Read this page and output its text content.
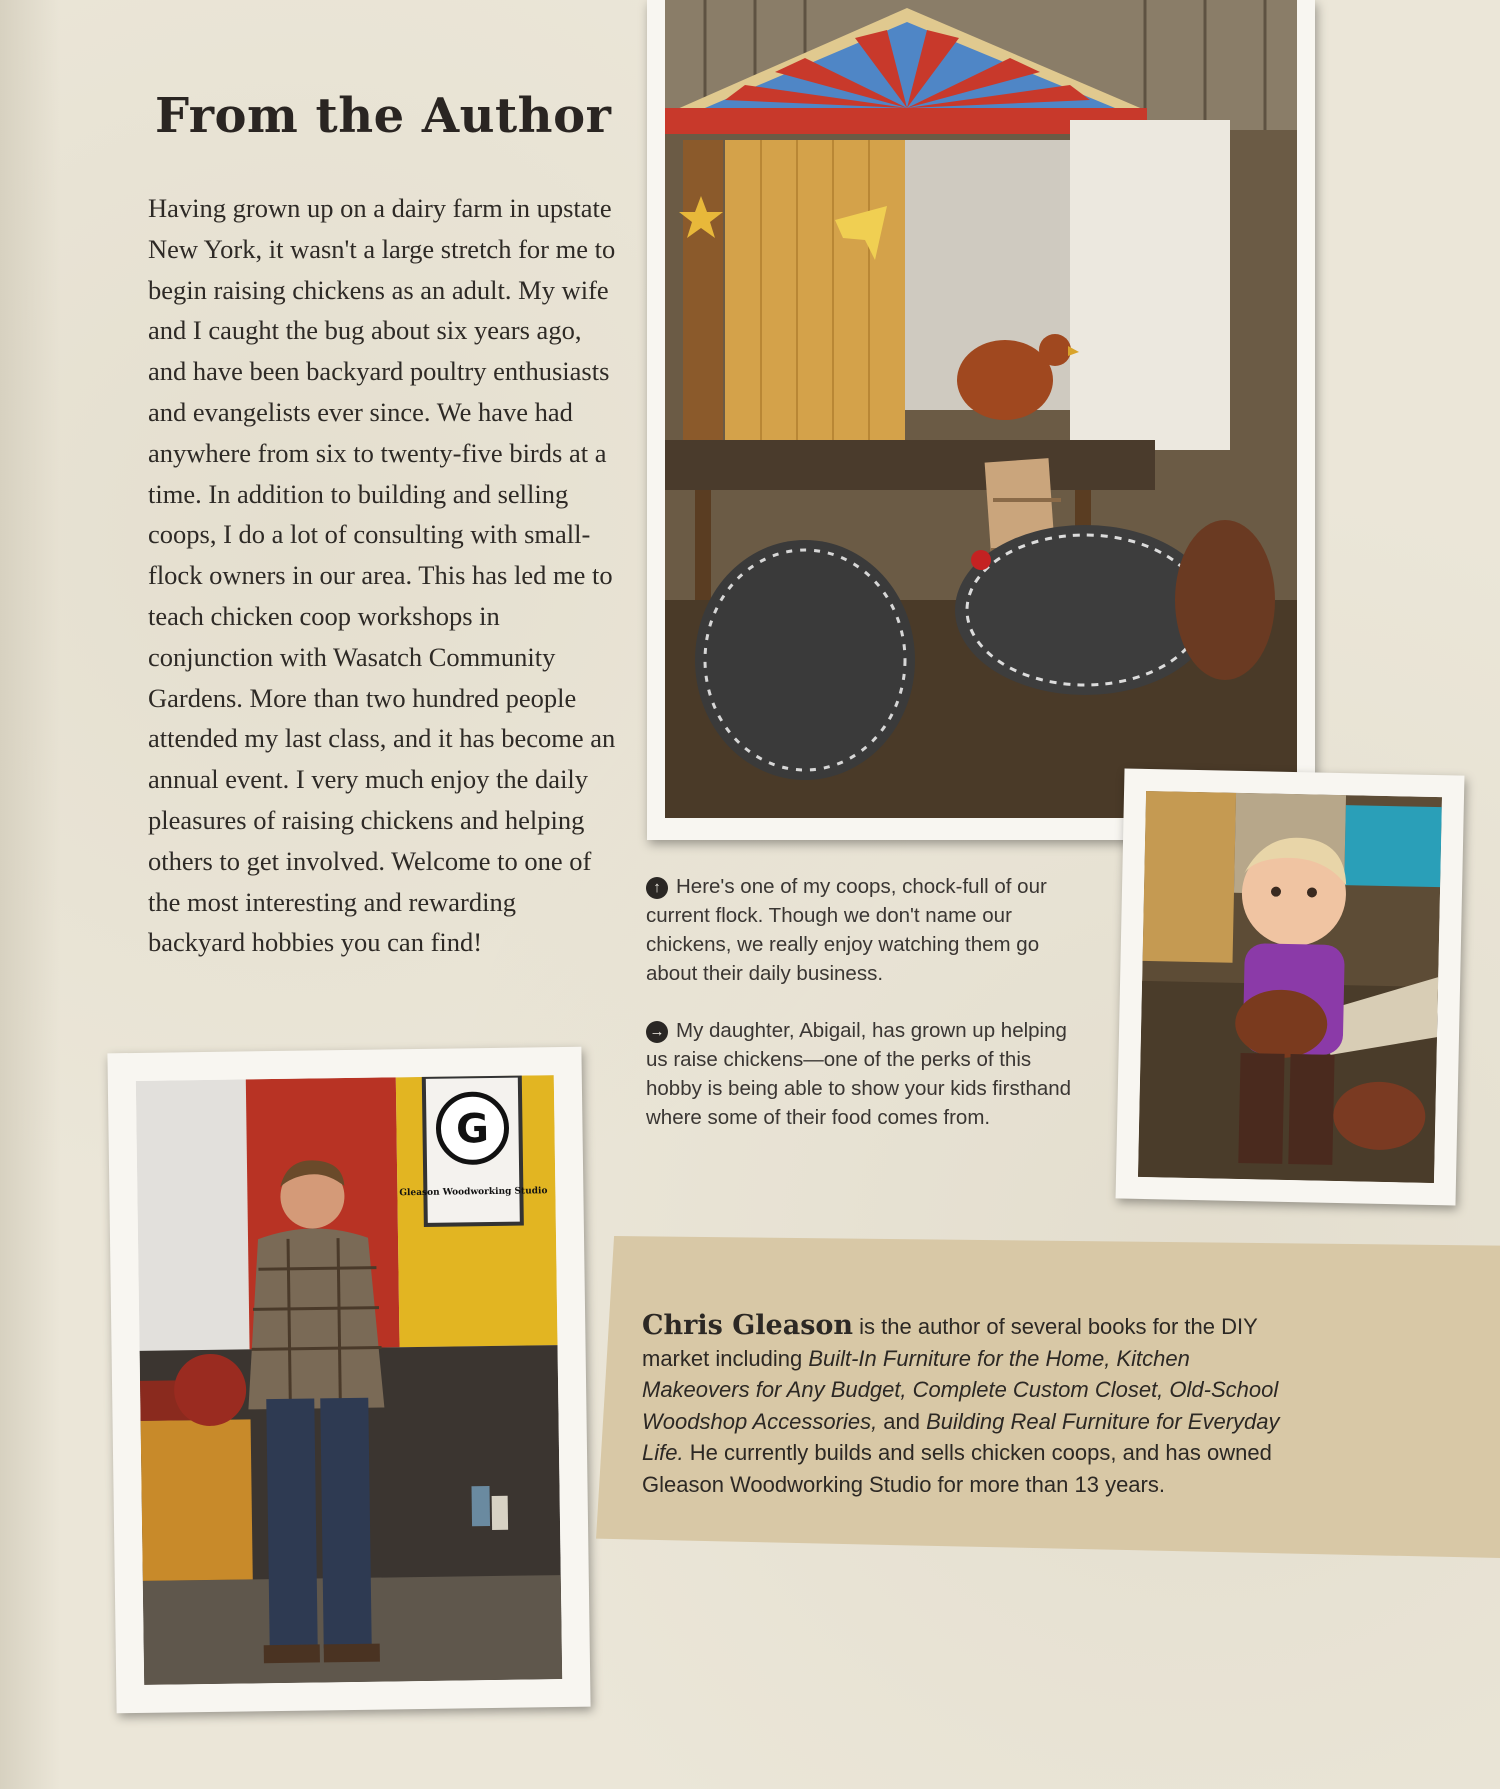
From the Author

Having grown up on a dairy farm in upstate New York, it wasn't a large stretch for me to begin raising chickens as an adult. My wife and I caught the bug about six years ago, and have been backyard poultry enthusiasts and evangelists ever since. We have had anywhere from six to twenty-five birds at a time. In addition to building and selling coops, I do a lot of consulting with small-flock owners in our area. This has led me to teach chicken coop workshops in conjunction with Wasatch Community Gardens. More than two hundred people attended my last class, and it has become an annual event. I very much enjoy the daily pleasures of raising chickens and helping others to get involved. Welcome to one of the most interesting and rewarding backyard hobbies you can find!

↑ Here's one of my coops, chock-full of our current flock. Though we don't name our chickens, we really enjoy watching them go about their daily business.

→ My daughter, Abigail, has grown up helping us raise chickens—one of the perks of this hobby is being able to show your kids firsthand where some of their food comes from.

G
Gleason Woodworking Studio

Chris Gleason is the author of several books for the DIY market including Built-In Furniture for the Home, Kitchen Makeovers for Any Budget, Complete Custom Closet, Old-School Woodshop Accessories, and Building Real Furniture for Everyday Life. He currently builds and sells chicken coops, and has owned Gleason Woodworking Studio for more than 13 years.
